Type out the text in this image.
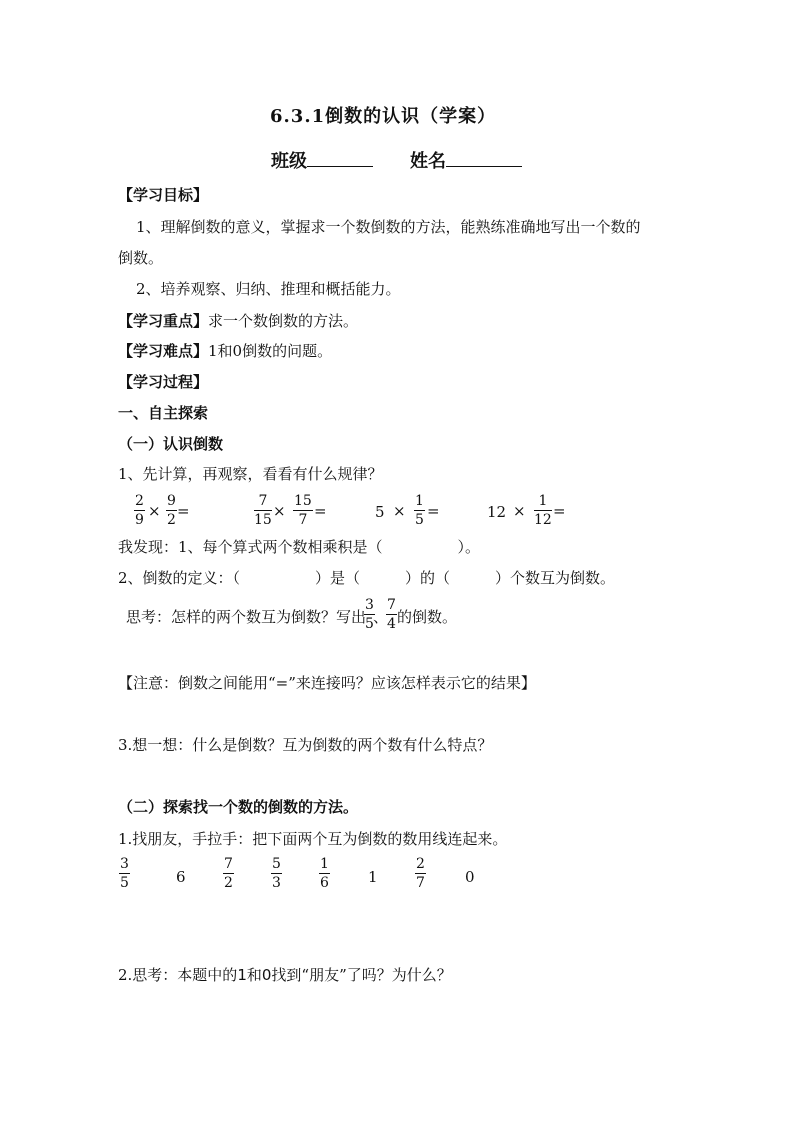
6.3.1倒数的认识（学案）
班级	姓名
【学习目标】
1、理解倒数的意义，掌握求一个数倒数的方法，能熟练准确地写出一个数的
倒数。
2、培养观察、归纳、推理和概括能力。
【学习重点】求一个数倒数的方法。
【学习难点】1和0倒数的问题。
【学习过程】
一、自主探索
（一）认识倒数
1、先计算，再观察，看看有什么规律？
2
9 ×
9
2 =
7
15 ×
15
7 =	5 ×
1
5 =	12 ×
1
12 =
我发现：1、每个算式两个数相乘积是（　　　　　）。
2、倒数的定义：（　　　　　）是（　　　）的（　　　）个数互为倒数。
思考：怎样的两个数互为倒数？写出
3
5 、
7
4 的倒数。
【注意：倒数之间能用“=”来连接吗？应该怎样表示它的结果】
3.想一想：什么是倒数？互为倒数的两个数有什么特点？
（二）探索找一个数的倒数的方法。
1.找朋友，手拉手：把下面两个互为倒数的数用线连起来。
3
5	6
7
2
5
3
1
6	1
2
7	0
2.思考：本题中的1和0找到“朋友”了吗？为什么？
